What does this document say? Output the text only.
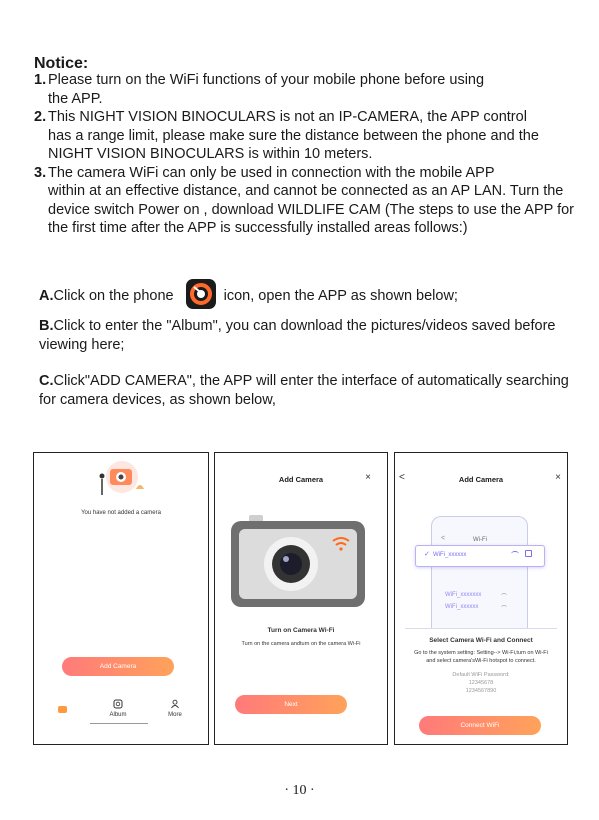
Notice:
1. Please turn on the WiFi functions of your mobile phone before using
the APP.
2. This NIGHT VISION BINOCULARS is not an IP-CAMERA, the APP control
has a range limit, please make sure the distance between the phone and the NIGHT VISION BINOCULARS is within 10 meters.
3. The camera WiFi can only be used in connection with the mobile APP
within at an effective distance, and cannot be connected as an AP LAN. Turn the device switch Power on , download WILDLIFE CAM (The steps to use the APP for the first time after the APP is successfully installed areas follows:)
A.Click on the phone	icon, open the APP as shown below;
B.Click to enter the "Album", you can download the pictures/videos saved before viewing here;
C.Click"ADD CAMERA", the APP will enter the interface of automatically searching for camera devices, as shown below,
You have not added a camera
Add Camera
Album	More
Add Camera	×
Turn on Camera Wi-Fi
Turn on the camera andturn on the camera Wi-Fi
Next
<	Add Camera	×
<	Wi-Fi
✓ WiFi_xxxxxx
WiFi_xxxxxxx
WiFi_xxxxxx
Select Camera Wi-Fi and Connect
Go to the system setting: Setting--> Wi-Fi,turn on Wi-Fi
and select camera'sWi-Fi hotspot to connect.
Default WiFi Password:
12345678
1234567890
Connect WiFi
· 10 ·
